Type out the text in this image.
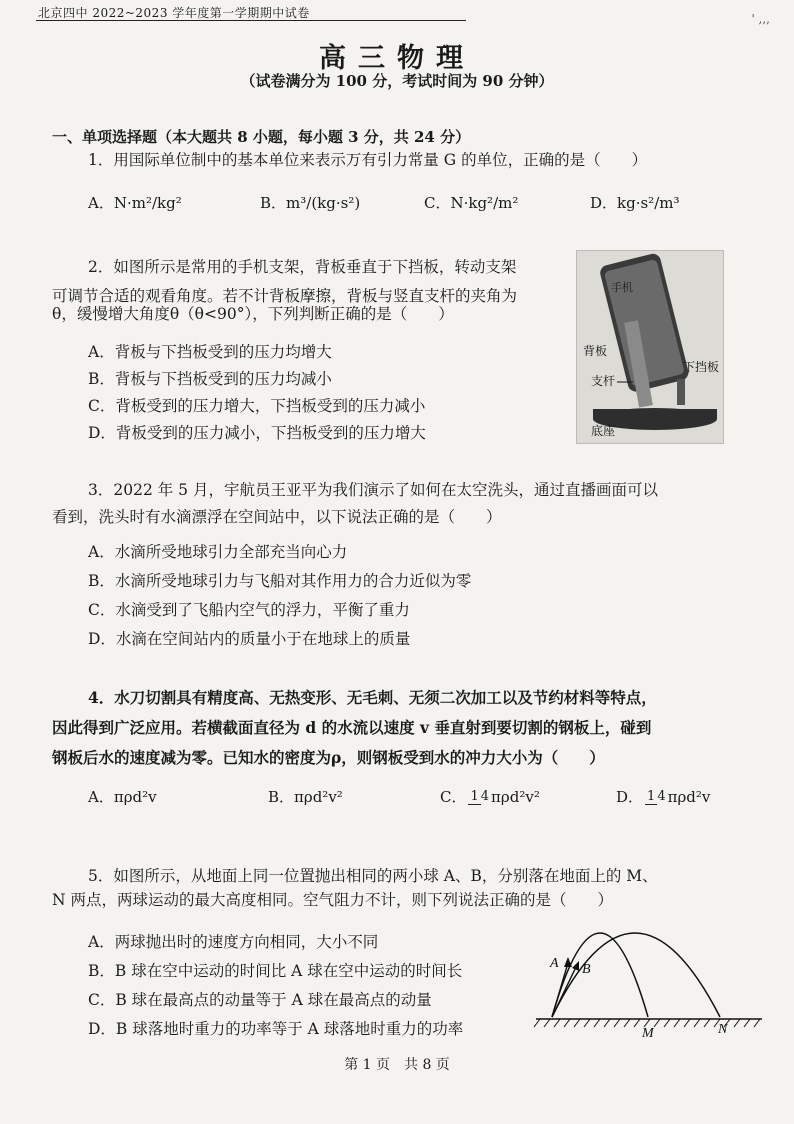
北京四中 2022~2023 学年度第一学期期中试卷	' ,,,
高三物理
（试卷满分为 100 分，考试时间为 90 分钟）
一、单项选择题（本大题共 8 小题，每小题 3 分，共 24 分）
1．用国际单位制中的基本单位来表示万有引力常量 G 的单位，正确的是（　　）
A．N·m²/kg²	B．m³/(kg·s²)	C．N·kg²/m²	D．kg·s²/m³
2．如图所示是常用的手机支架，背板垂直于下挡板，转动支架
可调节合适的观看角度。若不计背板摩擦，背板与竖直支杆的夹角为
θ，缓慢增大角度θ（θ<90°），下列判断正确的是（　　）
A．背板与下挡板受到的压力均增大
B．背板与下挡板受到的压力均减小
C．背板受到的压力增大，下挡板受到的压力减小
D．背板受到的压力减小，下挡板受到的压力增大
手机
背板
下挡板
支杆
底座
3．2022 年 5 月，宇航员王亚平为我们演示了如何在太空洗头，通过直播画面可以
看到，洗头时有水滴漂浮在空间站中，以下说法正确的是（　　）
A．水滴所受地球引力全部充当向心力
B．水滴所受地球引力与飞船对其作用力的合力近似为零
C．水滴受到了飞船内空气的浮力，平衡了重力
D．水滴在空间站内的质量小于在地球上的质量
4．水刀切割具有精度高、无热变形、无毛刺、无须二次加工以及节约材料等特点，
因此得到广泛应用。若横截面直径为 d 的水流以速度 v 垂直射到要切割的钢板上，碰到
钢板后水的速度减为零。已知水的密度为ρ，则钢板受到水的冲力大小为（　　）
A．πρd²v	B．πρd²v²	C． 1 4 πρd²v²	D． 1 4 πρd²v
5．如图所示，从地面上同一位置抛出相同的两小球 A、B，分别落在地面上的 M、
N 两点，两球运动的最大高度相同。空气阻力不计，则下列说法正确的是（　　）
A．两球抛出时的速度方向相同，大小不同
B．B 球在空中运动的时间比 A 球在空中运动的时间长
C．B 球在最高点的动量等于 A 球在最高点的动量
D．B 球落地时重力的功率等于 A 球落地时重力的功率
A B
M	N
第 1 页　共 8 页
